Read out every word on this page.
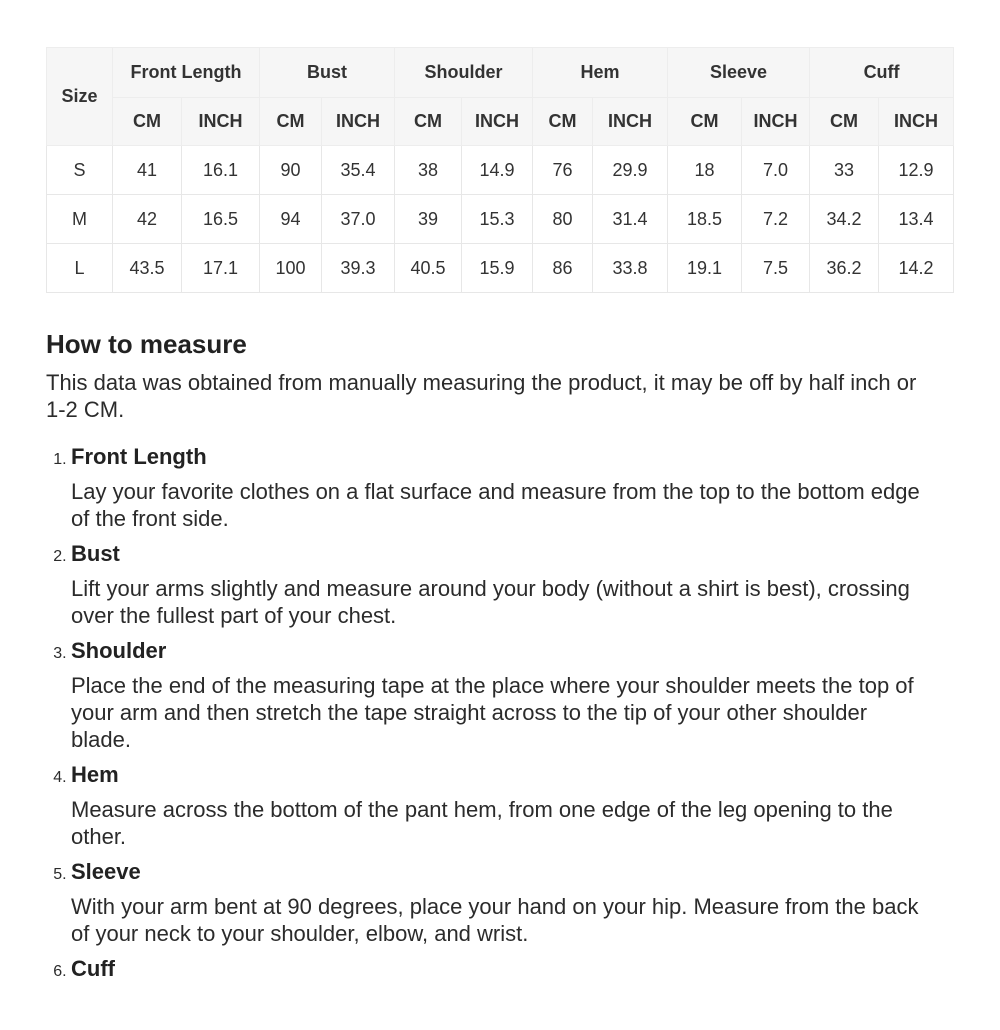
Size	Front Length		Bust		Shoulder		Hem		Sleeve		Cuff	
	CM	INCH	CM	INCH	CM	INCH	CM	INCH	CM	INCH	CM	INCH
S	41	16.1	90	35.4	38	14.9	76	29.9	18	7.0	33	12.9
M	42	16.5	94	37.0	39	15.3	80	31.4	18.5	7.2	34.2	13.4
L	43.5	17.1	100	39.3	40.5	15.9	86	33.8	19.1	7.5	36.2	14.2
How to measure

This data was obtained from manually measuring the product, it may be off by half inch or 1-2 CM.

1. Front Length

Lay your favorite clothes on a flat surface and measure from the top to the bottom edge of the front side.

2. Bust

Lift your arms slightly and measure around your body (without a shirt is best), crossing over the fullest part of your chest.

3. Shoulder

Place the end of the measuring tape at the place where your shoulder meets the top of your arm and then stretch the tape straight across to the tip of your other shoulder blade.

4. Hem

Measure across the bottom of the pant hem, from one edge of the leg opening to the other.

5. Sleeve

With your arm bent at 90 degrees, place your hand on your hip. Measure from the back of your neck to your shoulder, elbow, and wrist.

6. Cuff
